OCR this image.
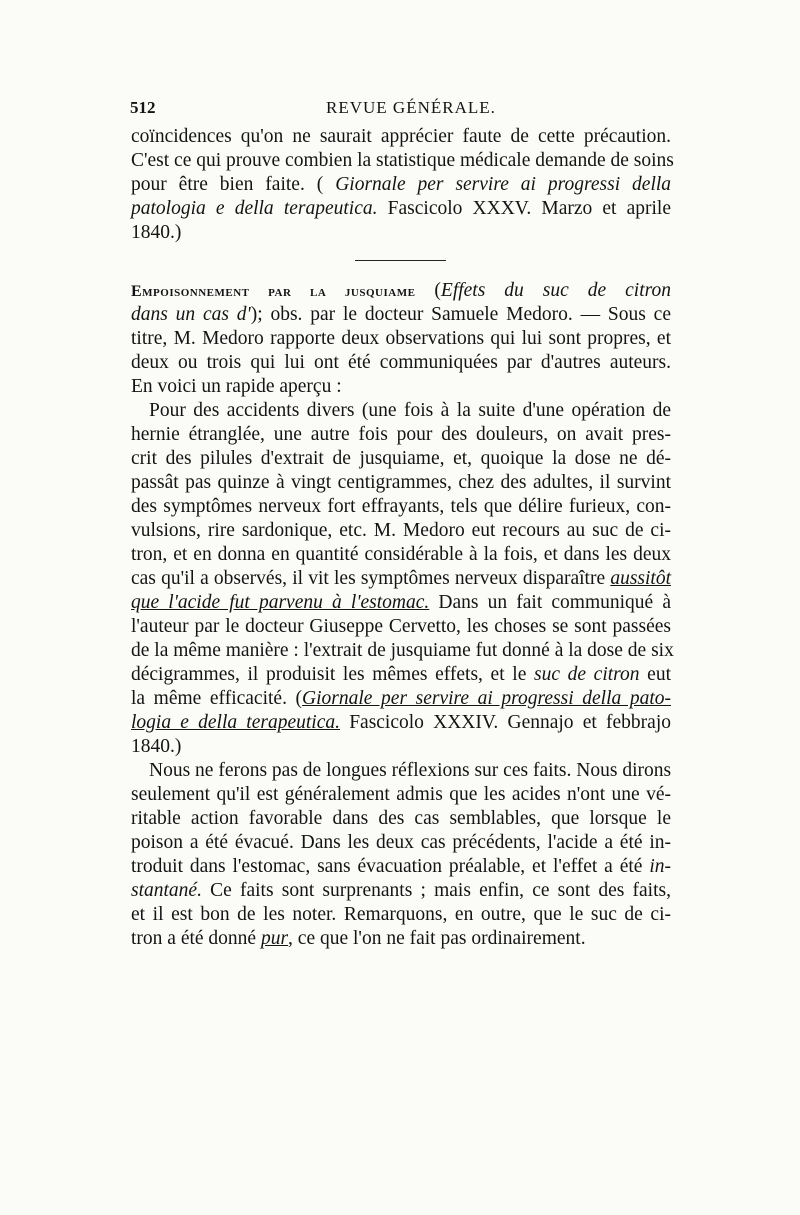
512	REVUE GÉNÉRALE.
coïncidences qu'on ne saurait apprécier faute de cette précaution.
C'est ce qui prouve combien la statistique médicale demande de soins
pour être bien faite. ( Giornale per servire ai progressi della
patologia e della terapeutica. Fascicolo XXXV. Marzo et aprile
1840.)
Empoisonnement par la jusquiame (Effets du suc de citron
dans un cas d'); obs. par le docteur Samuele Medoro. — Sous ce
titre, M. Medoro rapporte deux observations qui lui sont propres, et
deux ou trois qui lui ont été communiquées par d'autres auteurs.
En voici un rapide aperçu :
Pour des accidents divers (une fois à la suite d'une opération de
hernie étranglée, une autre fois pour des douleurs, on avait pres-
crit des pilules d'extrait de jusquiame, et, quoique la dose ne dé-
passât pas quinze à vingt centigrammes, chez des adultes, il survint
des symptômes nerveux fort effrayants, tels que délire furieux, con-
vulsions, rire sardonique, etc. M. Medoro eut recours au suc de ci-
tron, et en donna en quantité considérable à la fois, et dans les deux
cas qu'il a observés, il vit les symptômes nerveux disparaître aussitôt
que l'acide fut parvenu à l'estomac. Dans un fait communiqué à
l'auteur par le docteur Giuseppe Cervetto, les choses se sont passées
de la même manière : l'extrait de jusquiame fut donné à la dose de six
décigrammes, il produisit les mêmes effets, et le suc de citron eut
la même efficacité. (Giornale per servire ai progressi della pato-
logia e della terapeutica. Fascicolo XXXIV. Gennajo et febbrajo
1840.)
Nous ne ferons pas de longues réflexions sur ces faits. Nous dirons
seulement qu'il est généralement admis que les acides n'ont une vé-
ritable action favorable dans des cas semblables, que lorsque le
poison a été évacué. Dans les deux cas précédents, l'acide a été in-
troduit dans l'estomac, sans évacuation préalable, et l'effet a été in-
stantané. Ce faits sont surprenants ; mais enfin, ce sont des faits,
et il est bon de les noter. Remarquons, en outre, que le suc de ci-
tron a été donné pur, ce que l'on ne fait pas ordinairement.
